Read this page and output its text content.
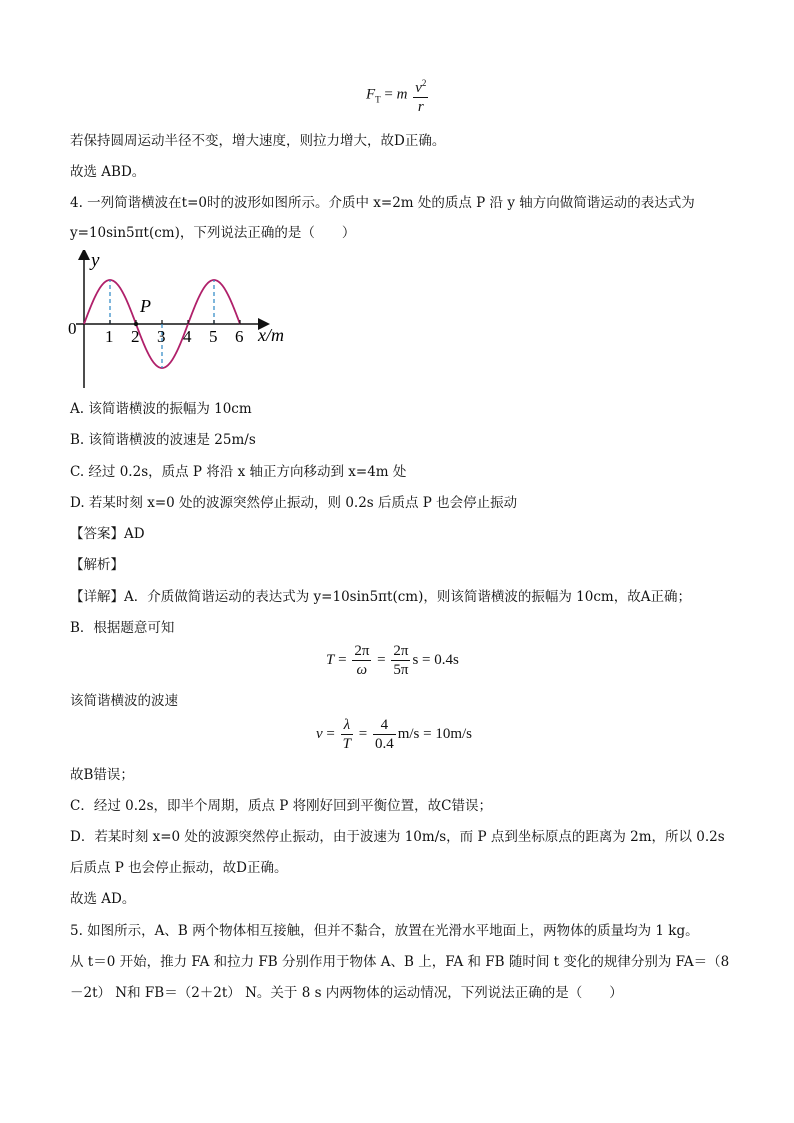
$F_T = m \frac{v^2}{r}$
若保持圆周运动半径不变，增大速度，则拉力增大，故D正确。
故选 ABD。
4. 一列简谐横波在t=0时的波形如图所示。介质中 x=2m 处的质点 P 沿 y 轴方向做简谐运动的表达式为
y=10sin5πt(cm)，下列说法正确的是（　　）
y
0
P
x/m
1 2 3 4 5 6
A. 该简谐横波的振幅为 10cm
B. 该简谐横波的波速是 25m/s
C. 经过 0.2s，质点 P 将沿 x 轴正方向移动到 x=4m 处
D. 若某时刻 x=0 处的波源突然停止振动，则 0.2s 后质点 P 也会停止振动
【答案】AD
【解析】
【详解】A．介质做简谐运动的表达式为 y=10sin5πt(cm)，则该简谐横波的振幅为 10cm，故A正确；
B．根据题意可知
$T = \frac{2\pi}{\omega} = \frac{2\pi}{5\pi}$ s = 0.4s
该简谐横波的波速
$v = \frac{\lambda}{T} = \frac{4}{0.4} m/s = 10m/s$
故B错误；
C．经过 0.2s，即半个周期，质点 P 将刚好回到平衡位置，故C错误；
D．若某时刻 x=0 处的波源突然停止振动，由于波速为 10m/s，而 P 点到坐标原点的距离为 2m，所以 0.2s
后质点 P 也会停止振动，故D正确。
故选 AD。
5. 如图所示，A、B 两个物体相互接触，但并不黏合，放置在光滑水平地面上，两物体的质量均为 1 kg。
从 t＝0 开始，推力 FA 和拉力 FB 分别作用于物体 A、B 上，FA 和 FB 随时间 t 变化的规律分别为 FA＝（8
－2t） N和 FB＝（2＋2t） N。关于 8 s 内两物体的运动情况，下列说法正确的是（　　）
